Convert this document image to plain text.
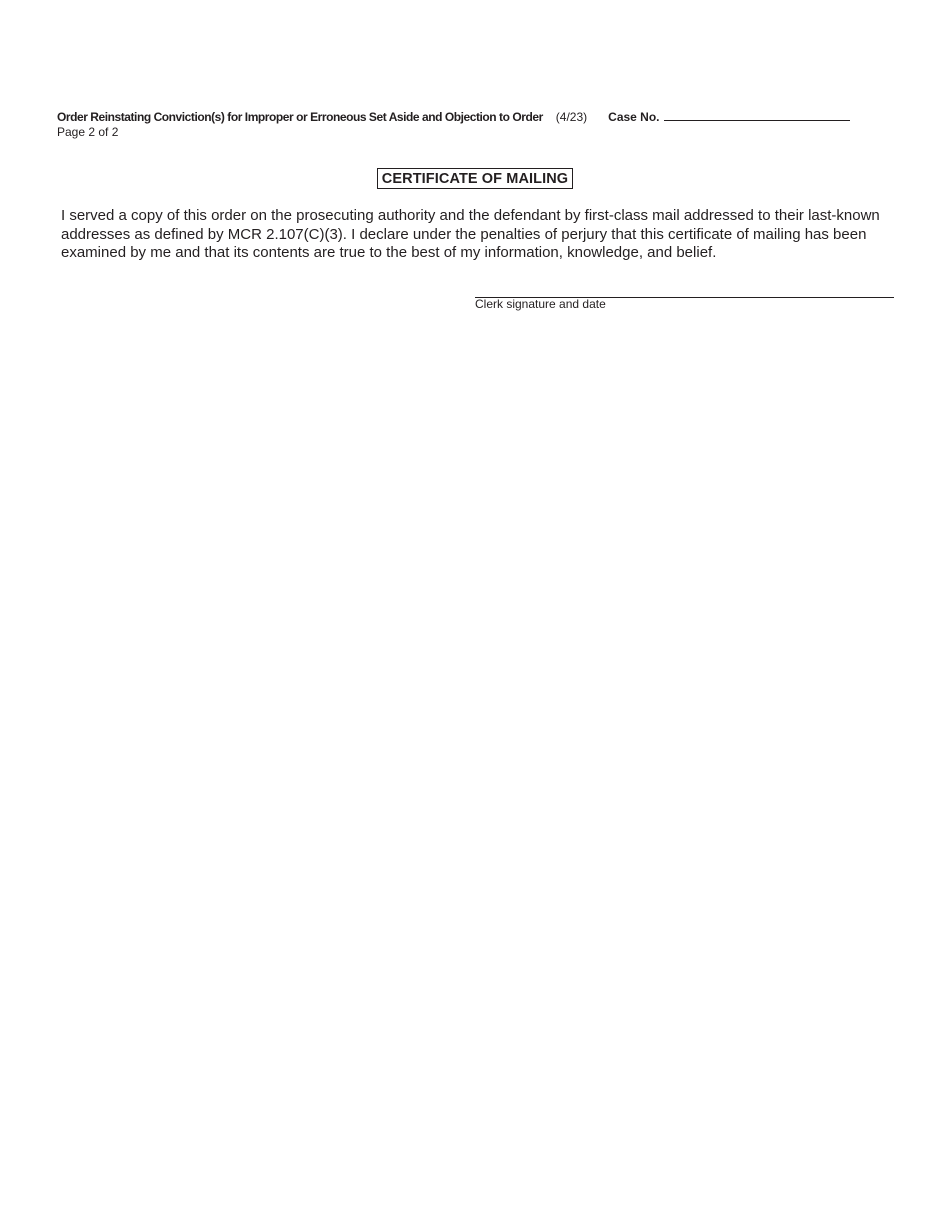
Order Reinstating Conviction(s) for Improper or Erroneous Set Aside and Objection to Order (4/23) Case No.
Page 2 of 2
CERTIFICATE OF MAILING

I served a copy of this order on the prosecuting authority and the defendant by first-class mail addressed to their last-known addresses as defined by MCR 2.107(C)(3). I declare under the penalties of perjury that this certificate of mailing has been examined by me and that its contents are true to the best of my information, knowledge, and belief.

Clerk signature and date
